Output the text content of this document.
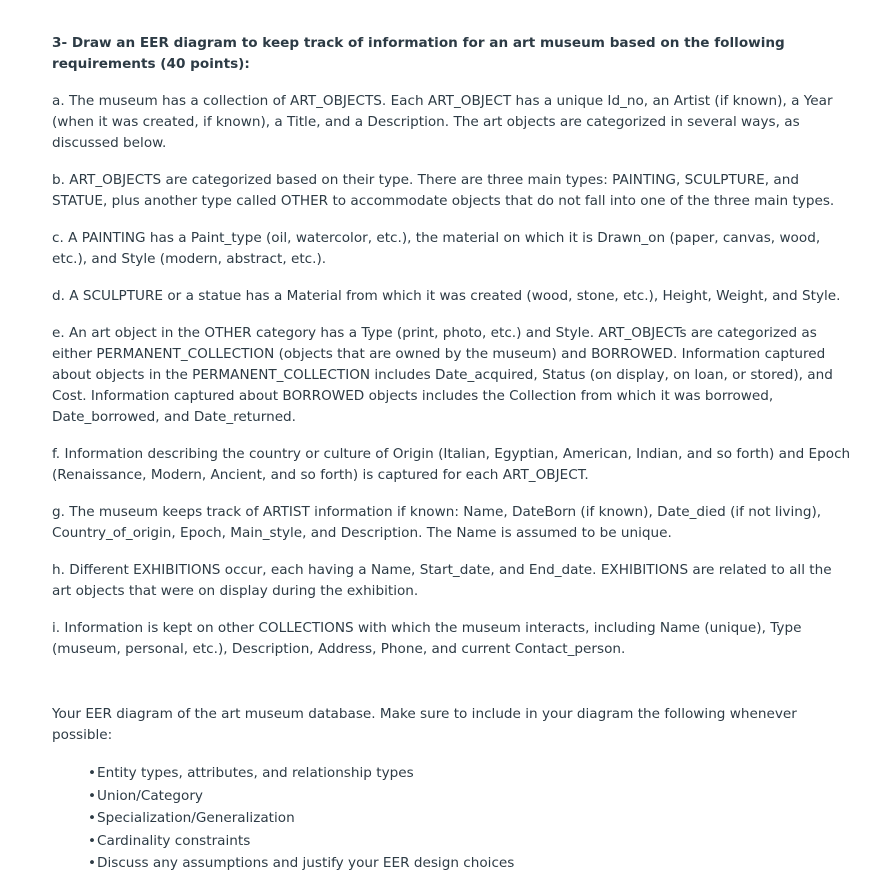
3- Draw an EER diagram to keep track of information for an art museum based on the following requirements (40 points):

a. The museum has a collection of ART_OBJECTS. Each ART_OBJECT has a unique Id_no, an Artist (if known), a Year (when it was created, if known), a Title, and a Description. The art objects are categorized in several ways, as discussed below.

b. ART_OBJECTS are categorized based on their type. There are three main types: PAINTING, SCULPTURE, and STATUE, plus another type called OTHER to accommodate objects that do not fall into one of the three main types.

c. A PAINTING has a Paint_type (oil, watercolor, etc.), the material on which it is Drawn_on (paper, canvas, wood, etc.), and Style (modern, abstract, etc.).

d. A SCULPTURE or a statue has a Material from which it was created (wood, stone, etc.), Height, Weight, and Style.

e. An art object in the OTHER category has a Type (print, photo, etc.) and Style. ART_OBJECTs are categorized as either PERMANENT_COLLECTION (objects that are owned by the museum) and BORROWED. Information captured about objects in the PERMANENT_COLLECTION includes Date_acquired, Status (on display, on loan, or stored), and Cost. Information captured about BORROWED objects includes the Collection from which it was borrowed, Date_borrowed, and Date_returned.

f. Information describing the country or culture of Origin (Italian, Egyptian, American, Indian, and so forth) and Epoch (Renaissance, Modern, Ancient, and so forth) is captured for each ART_OBJECT.

g. The museum keeps track of ARTIST information if known: Name, DateBorn (if known), Date_died (if not living), Country_of_origin, Epoch, Main_style, and Description. The Name is assumed to be unique.

h. Different EXHIBITIONS occur, each having a Name, Start_date, and End_date. EXHIBITIONS are related to all the art objects that were on display during the exhibition.

i. Information is kept on other COLLECTIONS with which the museum interacts, including Name (unique), Type (museum, personal, etc.), Description, Address, Phone, and current Contact_person.

Your EER diagram of the art museum database. Make sure to include in your diagram the following whenever possible:

• Entity types, attributes, and relationship types
• Union/Category
• Specialization/Generalization
• Cardinality constraints
• Discuss any assumptions and justify your EER design choices
